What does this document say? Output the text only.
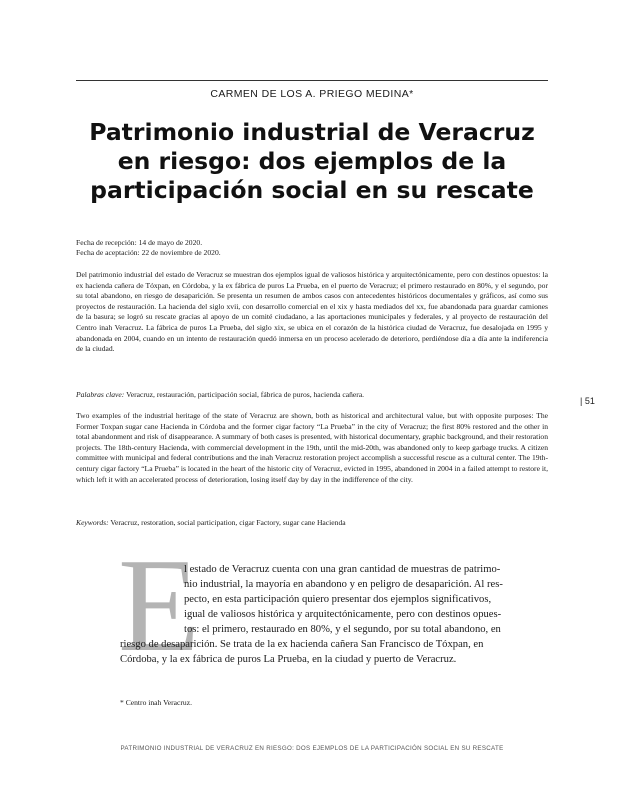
CARMEN DE LOS A. PRIEGO MEDINA*
Patrimonio industrial de Veracruz
en riesgo: dos ejemplos de la
participación social en su rescate
Fecha de recepción: 14 de mayo de 2020.
Fecha de aceptación: 22 de noviembre de 2020.

Del patrimonio industrial del estado de Veracruz se muestran dos ejemplos igual de valiosos histórica y arquitectónicamente, pero con destinos opuestos: la ex hacienda cañera de Tóxpan, en Córdoba, y la ex fábrica de puros La Prueba, en el puerto de Veracruz; el primero restaurado en 80%, y el segundo, por su total abandono, en riesgo de desaparición. Se presenta un resumen de ambos casos con antecedentes históricos documentales y gráficos, así como sus proyectos de restauración. La hacienda del siglo xvii, con desarrollo comercial en el xix y hasta mediados del xx, fue abandonada para guardar camiones de la basura; se logró su rescate gracias al apoyo de un comité ciudadano, a las aportaciones municipales y federales, y al proyecto de restauración del Centro inah Veracruz. La fábrica de puros La Prueba, del siglo xix, se ubica en el corazón de la histórica ciudad de Veracruz, fue desalojada en 1995 y abandonada en 2004, cuando en un intento de restauración quedó inmersa en un proceso acelerado de deterioro, perdiéndose día a día ante la indiferencia de la ciudad.

Palabras clave: Veracruz, restauración, participación social, fábrica de puros, hacienda cañera.
| 51

Two examples of the industrial heritage of the state of Veracruz are shown, both as historical and architectural value, but with opposite purposes: The Former Toxpan sugar cane Hacienda in Córdoba and the former cigar factory “La Prueba” in the city of Veracruz; the first 80% restored and the other in total abandonment and risk of disappearance. A summary of both cases is presented, with historical documentary, graphic background, and their restoration projects. The 18th-century Hacienda, with commercial development in the 19th, until the mid-20th, was abandoned only to keep garbage trucks. A citizen committee with municipal and federal contributions and the inah Veracruz restoration project accomplish a successful rescue as a cultural center. The 19th-century cigar factory “La Prueba” is located in the heart of the historic city of Veracruz, evicted in 1995, abandoned in 2004 in a failed attempt to restore it, which left it with an accelerated process of deterioration, losing itself day by day in the indifference of the city.

Keywords: Veracruz, restoration, social participation, cigar Factory, sugar cane Hacienda
E
l estado de Veracruz cuenta con una gran cantidad de muestras de patrimo-
nio industrial, la mayoría en abandono y en peligro de desaparición. Al res-
pecto, en esta participación quiero presentar dos ejemplos significativos,
igual de valiosos histórica y arquitectónicamente, pero con destinos opues-
tos: el primero, restaurado en 80%, y el segundo, por su total abandono, en
riesgo de desaparición. Se trata de la ex hacienda cañera San Francisco de Tóxpan, en
Córdoba, y la ex fábrica de puros La Prueba, en la ciudad y puerto de Veracruz.
* Centro inah Veracruz.
PATRIMONIO INDUSTRIAL DE VERACRUZ EN RIESGO: DOS EJEMPLOS DE LA PARTICIPACIÓN SOCIAL EN SU RESCATE
